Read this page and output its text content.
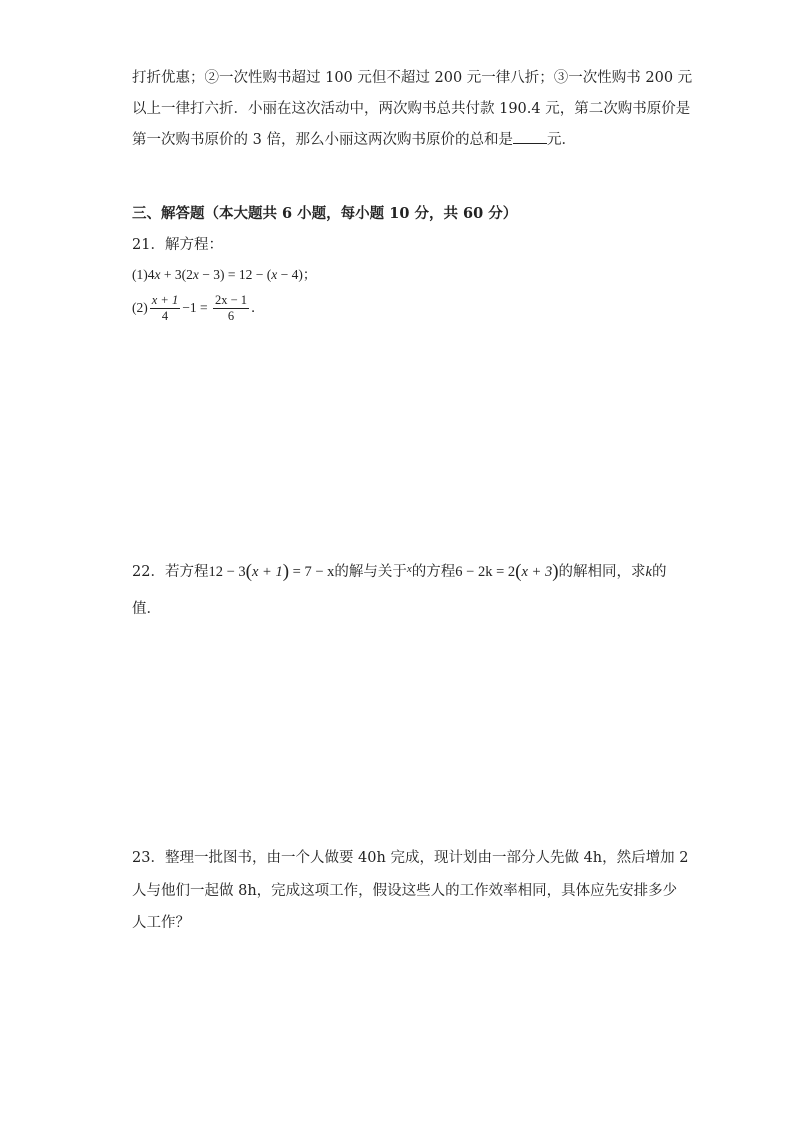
打折优惠；②一次性购书超过 100 元但不超过 200 元一律八折；③一次性购书 200 元
以上一律打六折．小丽在这次活动中，两次购书总共付款 190.4 元，第二次购书原价是
第一次购书原价的 3 倍，那么小丽这两次购书原价的总和是 元．
三、解答题（本大题共 6 小题，每小题 10 分，共 60 分）
21．解方程：
(1)4x + 3(2x − 3) = 12 − (x − 4)；
$(2) \frac{x + 1}{4} -1 = \frac{2x - 1}{6}$ ．
22．若方程12 − 3(x + 1) = 7 − x的解与关于$^x$的方程6 − 2k = 2(x + 3)的解相同，求k的
值．
23．整理一批图书，由一个人做要 40h 完成，现计划由一部分人先做 4h，然后增加 2
人与他们一起做 8h，完成这项工作，假设这些人的工作效率相同，具体应先安排多少
人工作？
